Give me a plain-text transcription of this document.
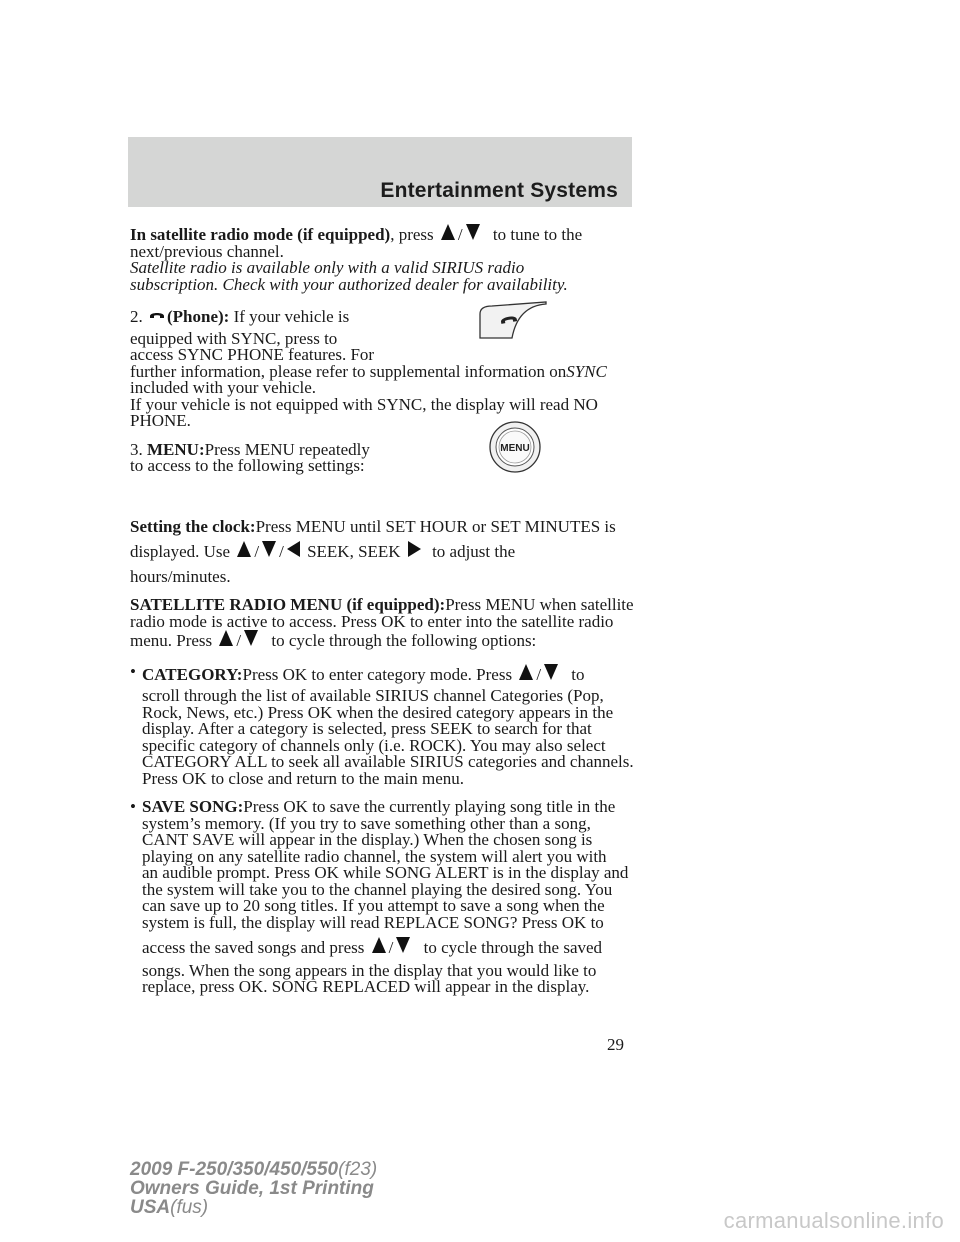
Entertainment Systems
In satellite radio mode (if equipped), press / to tune to the
next/previous channel.
Satellite radio is available only with a valid SIRIUS radio
subscription. Check with your authorized dealer for availability.
2. (Phone): If your vehicle is
equipped with SYNC, press to
access SYNC PHONE features. For
further information, please refer to supplemental information onSYNC
included with your vehicle.
If your vehicle is not equipped with SYNC, the display will read NO
PHONE.
3. MENU:Press MENU repeatedly
to access to the following settings:
Setting the clock:Press MENU until SET HOUR or SET MINUTES is
displayed. Use / / SEEK, SEEK to adjust the
hours/minutes.
SATELLITE RADIO MENU (if equipped):Press MENU when satellite
radio mode is active to access. Press OK to enter into the satellite radio
menu. Press / to cycle through the following options:
• CATEGORY:Press OK to enter category mode. Press / to
scroll through the list of available SIRIUS channel Categories (Pop,
Rock, News, etc.) Press OK when the desired category appears in the
display. After a category is selected, press SEEK to search for that
specific category of channels only (i.e. ROCK). You may also select
CATEGORY ALL to seek all available SIRIUS categories and channels.
Press OK to close and return to the main menu.
• SAVE SONG:Press OK to save the currently playing song title in the
system’s memory. (If you try to save something other than a song,
CANT SAVE will appear in the display.) When the chosen song is
playing on any satellite radio channel, the system will alert you with
an audible prompt. Press OK while SONG ALERT is in the display and
the system will take you to the channel playing the desired song. You
can save up to 20 song titles. If you attempt to save a song when the
system is full, the display will read REPLACE SONG? Press OK to
access the saved songs and press / to cycle through the saved
songs. When the song appears in the display that you would like to
replace, press OK. SONG REPLACED will appear in the display.
MENU
29
2009 F-250/350/450/550(f23)
Owners Guide, 1st Printing
USA(fus)
carmanualsonline.info
